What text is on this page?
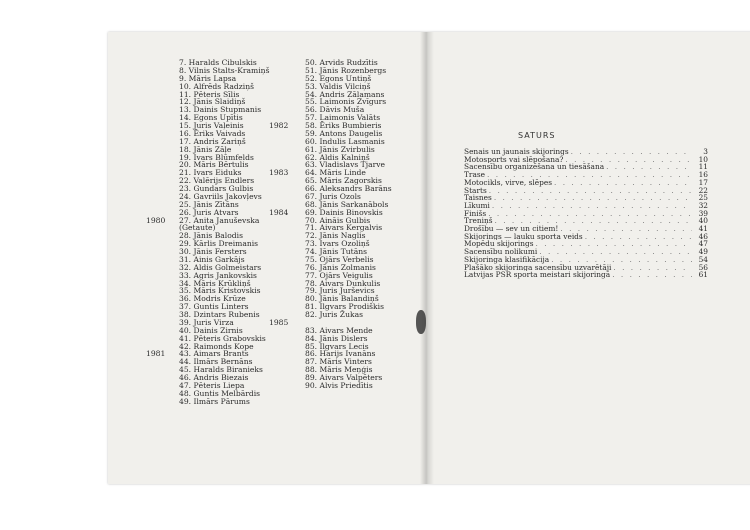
7. Haralds Cibulskis
8. Vilnis Stalts-Kramiņš
9. Māris Lapsa
10. Alfrēds Radziņš
11. Pēteris Sīlis
12. Jānis Slaidiņš
13. Dainis Stupmanis
14. Egons Upītis
15. Juris Vaļeinis
16. Ēriks Vaivads
17. Andris Zariņš
18. Jānis Zāļe
19. Ivars Blūmfelds
20. Māris Bērtulis
21. Ivars Eiduks
22. Valērijs Endlers
23. Gundars Gulbis
24. Gavriils Jakovļevs
25. Jānis Zītāns
26. Juris Atvars
1980	27. Anita Januševska
(Getaute)
28. Jānis Balodis
29. Kārlis Dreimanis
30. Jānis Fersters
31. Ainis Garkājs
32. Aldis Golmeistars
33. Agris Jankovskis
34. Māris Krūkliņš
35. Māris Kristovskis
36. Modris Krūze
37. Guntis Linters
38. Dzintars Rubenis
39. Juris Virza
40. Dainis Zirnis
41. Pēteris Grabovskis
42. Raimonds Kope
1981	43. Aimars Brants
44. Ilmārs Bernāns
45. Haralds Biranieks
46. Andris Biezais
47. Pēteris Liepa
48. Guntis Melbārdis
49. Ilmārs Pārums
50. Arvids Rudzītis
51. Jānis Rozenbergs
52. Egons Untiņš
53. Valdis Vilciņš
54. Andris Zālamans
55. Laimonis Zvīgurs
56. Dāvis Muša
57. Laimonis Valāts
1982	58. Ēriks Bumbieris
59. Antons Daugelis
60. Indulis Lasmanis
61. Jānis Zvirbulis
62. Aldis Kalniņš
63. Vladislavs Tjarve
1983	64. Māris Linde
65. Māris Zagorskis
66. Aleksandrs Barāns
67. Juris Ozols
68. Jānis Sarkanābols
1984	69. Dainis Binovskis
70. Aināis Gulbis
71. Aivars Kergalvis
72. Jānis Naglis
73. Ivars Ozoliņš
74. Jānis Tutāns
75. Ojārs Verbelis
76. Jānis Zolmanis
77. Ojārs Veigulis
78. Aivars Dunkulis
79. Juris Jurševics
80. Jānis Balandiņš
81. Ilgvars Prodiškis
82. Juris Žukas
1985
83. Aivars Mende
84. Jānis Dislers
85. Ilgvars Lecis
86. Harijs Ivanāns
87. Māris Vinters
88. Māris Meņģis
89. Aivars Valpēters
90. Alvis Priedītis
SATURS
Senais un jaunais skijorings . . .	3
Motosports vai slēpošana? . . .	10
Sacensību organizēšana un tiesāšana . . .	11
Trase . . .	16
Motocikls, virve, slēpes . . .	17
Starts . . .	22
Taisnes . . .	25
Līkumi . . .	32
Finišs . . .	39
Treniņš . . .	40
Drošību — sev un citiem! . . .	41
Skijorings — lauku sporta veids . . .	46
Mopēdu skijorings . . .	47
Sacensību nolikumi . . .	49
Skijoringa klasifikācija . . .	54
Plašāko skijoringa sacensību uzvarētāji . . .	56
Latvijas PSR sporta meistari skijoringā . . .	61
